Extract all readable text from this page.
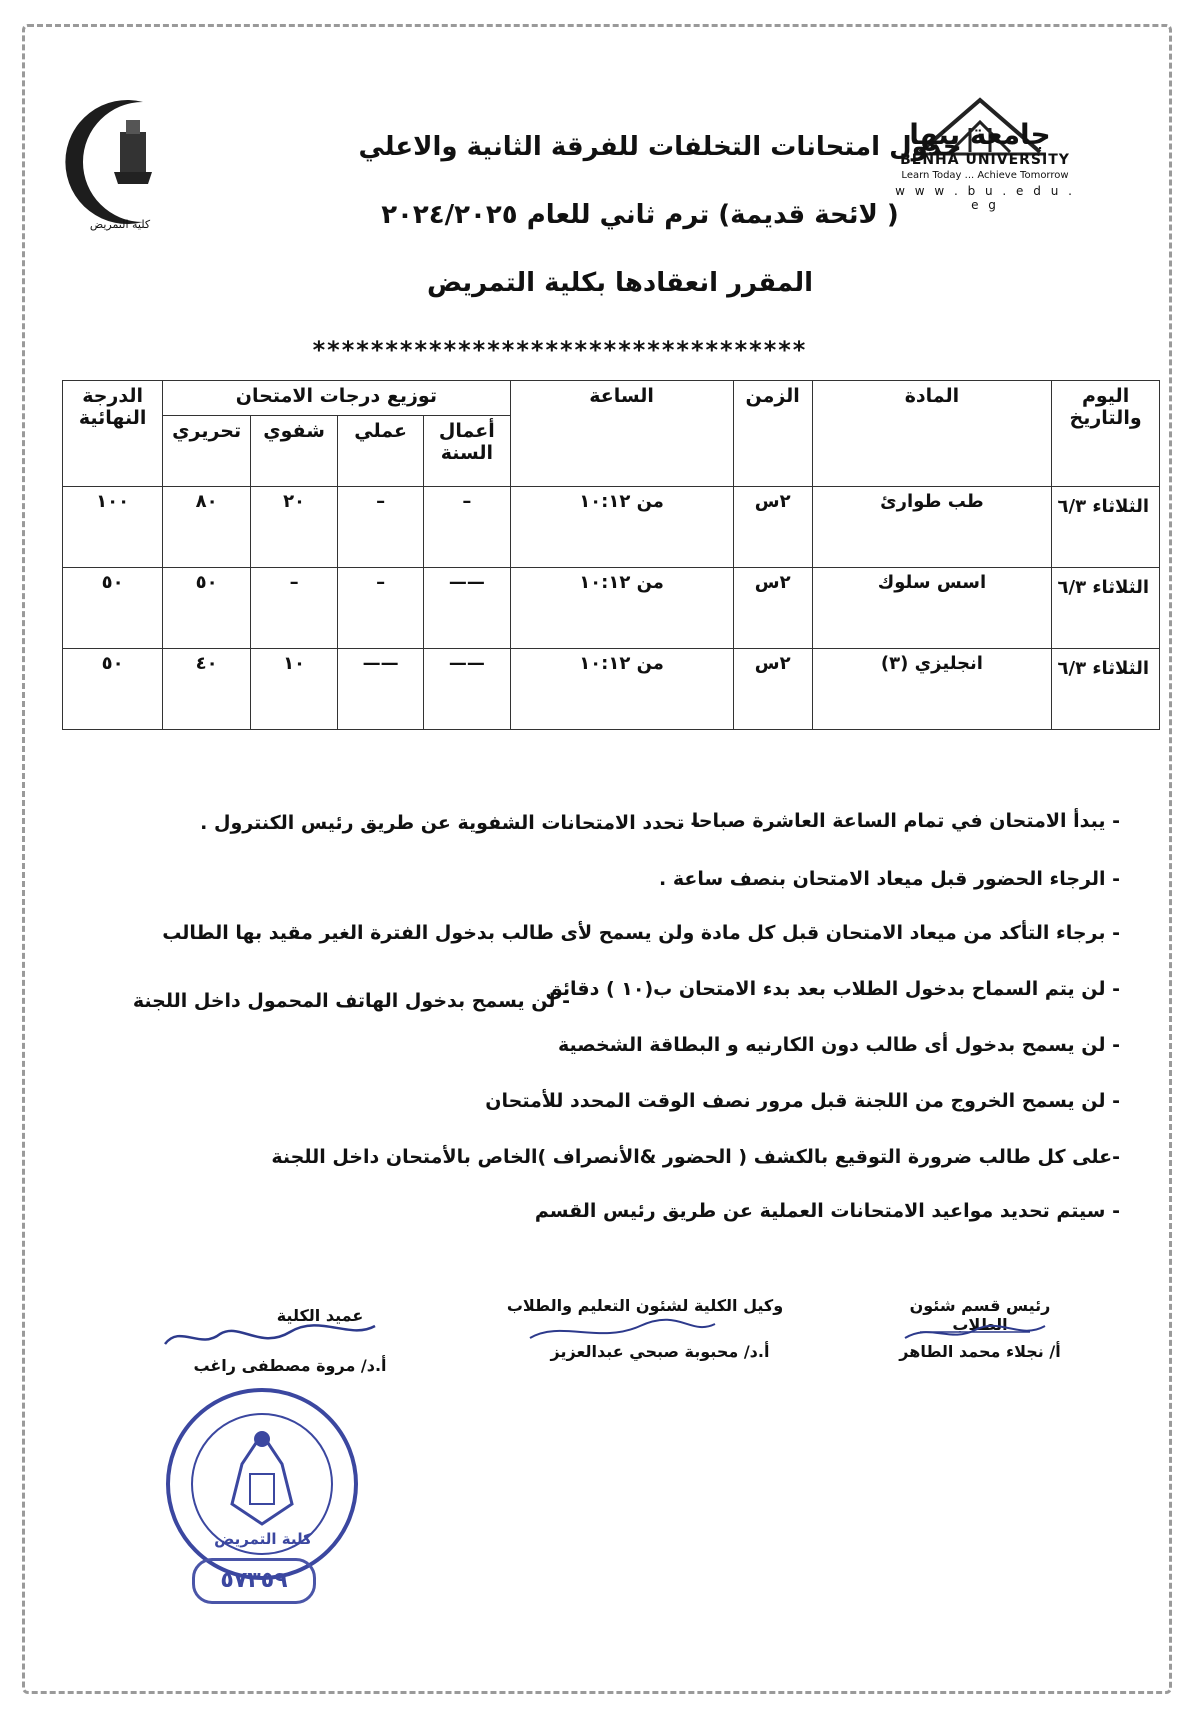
كلية التمريض
جامعة بنها
BENHA UNIVERSITY
Learn Today ... Achieve Tomorrow
w w w . b u . e d u . e g
جدول امتحانات التخلفات للفرقة الثانية والاعلي
( لائحة قديمة) ترم ثاني للعام ٢٠٢٤/٢٠٢٥
المقرر انعقادها بكلية التمريض
**********************************
اليوم والتاريخ	المادة	الزمن	الساعة	توزيع درجات الامتحان				الدرجة النهائية
				أعمال السنة	عملي	شفوي	تحريري	
الثلاثاء ٦/٣	طب طوارئ	٢س	من ١٠:١٢	–	–	٢٠	٨٠	١٠٠
الثلاثاء ٦/٣	اسس سلوك	٢س	من ١٠:١٢	——	–	–	٥٠	٥٠
الثلاثاء ٦/٣	انجليزي (٣)	٢س	من ١٠:١٢	——	——	١٠	٤٠	٥٠
- يبدأ الامتحان في تمام الساعة العاشرة صباحا .
– تحدد الامتحانات الشفوية عن طريق رئيس الكنترول .
- الرجاء الحضور قبل ميعاد الامتحان بنصف ساعة .
- برجاء التأكد من ميعاد الامتحان قبل كل مادة ولن يسمح لأى طالب بدخول الفترة الغير مقيد بها الطالب
- لن يتم السماح بدخول الطلاب بعد بدء الامتحان ب(١٠ ) دقائق
- لن يسمح بدخول الهاتف المحمول داخل اللجنة
- لن يسمح بدخول أى طالب دون الكارنيه و البطاقة الشخصية
- لن يسمح الخروج من اللجنة قبل مرور نصف الوقت المحدد للأمتحان
-على كل طالب ضرورة التوقيع بالكشف ( الحضور &الأنصراف )الخاص بالأمتحان داخل اللجنة
- سيتم تحديد مواعيد الامتحانات العملية عن طريق رئيس القسم
رئيس قسم شئون الطلاب
أ/ نجلاء محمد الطاهر
وكيل الكلية لشئون التعليم والطلاب
أ.د/ محبوبة صبحي عبدالعزيز
عميد الكلية
أ.د/ مروة مصطفى راغب
كلية التمريض
٥٧٣٥٩
